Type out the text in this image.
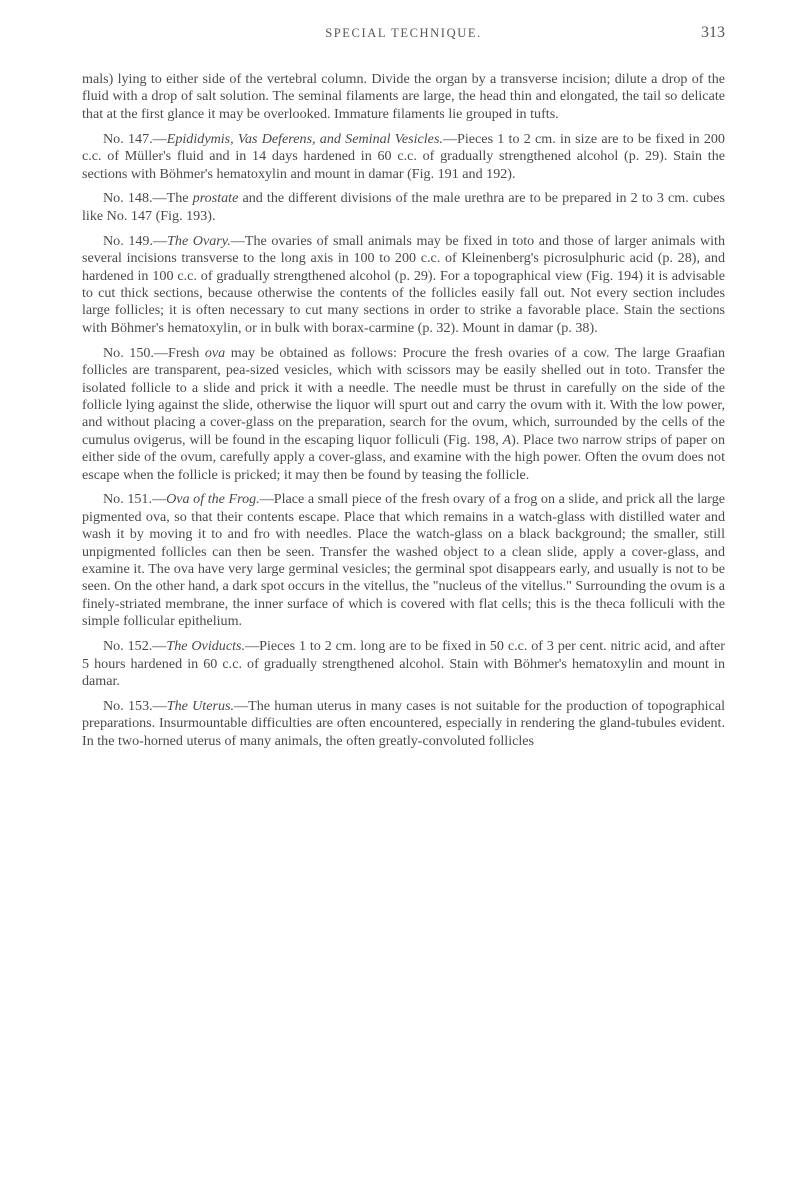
SPECIAL TECHNIQUE.	313

mals) lying to either side of the vertebral column. Divide the organ by a transverse incision; dilute a drop of the fluid with a drop of salt solution. The seminal filaments are large, the head thin and elongated, the tail so delicate that at the first glance it may be overlooked. Immature filaments lie grouped in tufts.

No. 147.—Epididymis, Vas Deferens, and Seminal Vesicles.—Pieces 1 to 2 cm. in size are to be fixed in 200 c.c. of Müller's fluid and in 14 days hardened in 60 c.c. of gradually strengthened alcohol (p. 29). Stain the sections with Böhmer's hematoxylin and mount in damar (Fig. 191 and 192).

No. 148.—The prostate and the different divisions of the male urethra are to be prepared in 2 to 3 cm. cubes like No. 147 (Fig. 193).

No. 149.—The Ovary.—The ovaries of small animals may be fixed in toto and those of larger animals with several incisions transverse to the long axis in 100 to 200 c.c. of Kleinenberg's picrosulphuric acid (p. 28), and hardened in 100 c.c. of gradually strengthened alcohol (p. 29). For a topographical view (Fig. 194) it is advisable to cut thick sections, because otherwise the contents of the follicles easily fall out. Not every section includes large follicles; it is often necessary to cut many sections in order to strike a favorable place. Stain the sections with Böhmer's hematoxylin, or in bulk with borax-carmine (p. 32). Mount in damar (p. 38).

No. 150.—Fresh ova may be obtained as follows: Procure the fresh ovaries of a cow. The large Graafian follicles are transparent, pea-sized vesicles, which with scissors may be easily shelled out in toto. Transfer the isolated follicle to a slide and prick it with a needle. The needle must be thrust in carefully on the side of the follicle lying against the slide, otherwise the liquor will spurt out and carry the ovum with it. With the low power, and without placing a cover-glass on the preparation, search for the ovum, which, surrounded by the cells of the cumulus ovigerus, will be found in the escaping liquor folliculi (Fig. 198, A). Place two narrow strips of paper on either side of the ovum, carefully apply a cover-glass, and examine with the high power. Often the ovum does not escape when the follicle is pricked; it may then be found by teasing the follicle.

No. 151.—Ova of the Frog.—Place a small piece of the fresh ovary of a frog on a slide, and prick all the large pigmented ova, so that their contents escape. Place that which remains in a watch-glass with distilled water and wash it by moving it to and fro with needles. Place the watch-glass on a black background; the smaller, still unpigmented follicles can then be seen. Transfer the washed object to a clean slide, apply a cover-glass, and examine it. The ova have very large germinal vesicles; the germinal spot disappears early, and usually is not to be seen. On the other hand, a dark spot occurs in the vitellus, the "nucleus of the vitellus." Surrounding the ovum is a finely-striated membrane, the inner surface of which is covered with flat cells; this is the theca folliculi with the simple follicular epithelium.

No. 152.—The Oviducts.—Pieces 1 to 2 cm. long are to be fixed in 50 c.c. of 3 per cent. nitric acid, and after 5 hours hardened in 60 c.c. of gradually strengthened alcohol. Stain with Böhmer's hematoxylin and mount in damar.

No. 153.—The Uterus.—The human uterus in many cases is not suitable for the production of topographical preparations. Insurmountable difficulties are often encountered, especially in rendering the gland-tubules evident. In the two-horned uterus of many animals, the often greatly-convoluted follicles
